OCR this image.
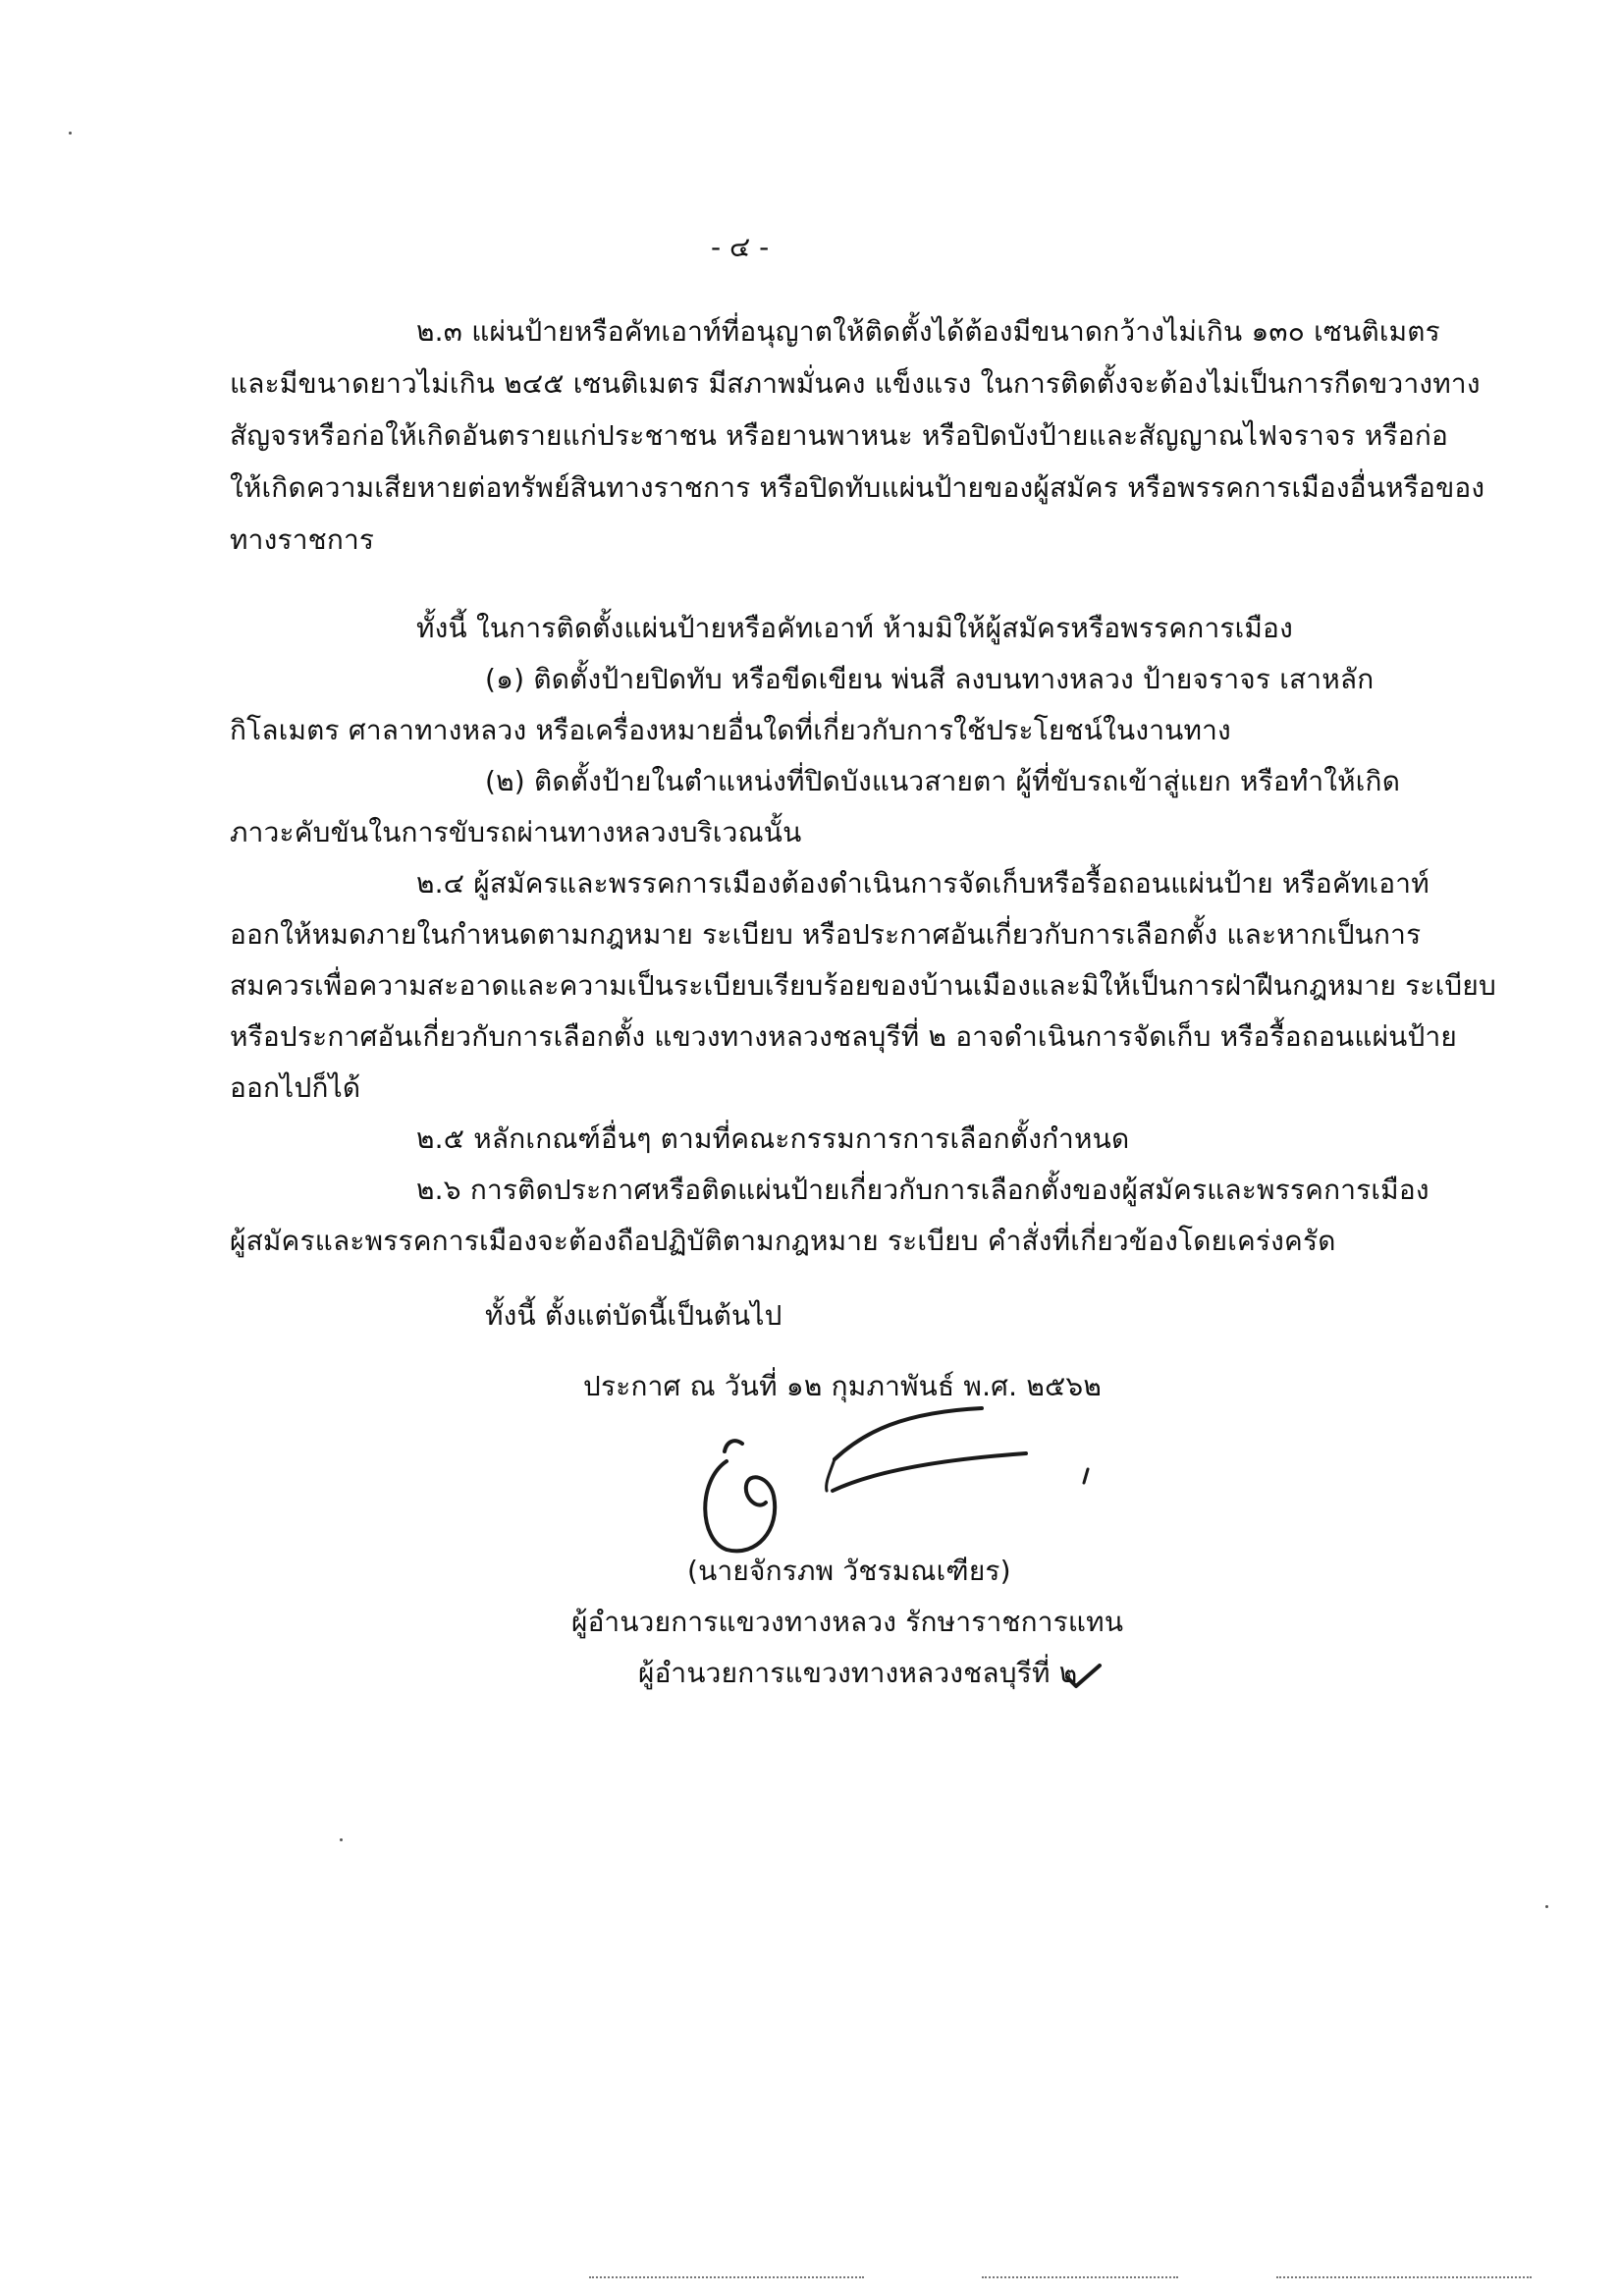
- ๔ -
๒.๓ แผ่นป้ายหรือคัทเอาท์ที่อนุญาตให้ติดตั้งได้ต้องมีขนาดกว้างไม่เกิน ๑๓๐ เซนติเมตร
และมีขนาดยาวไม่เกิน ๒๔๕ เซนติเมตร มีสภาพมั่นคง แข็งแรง ในการติดตั้งจะต้องไม่เป็นการกีดขวางทาง
สัญจรหรือก่อให้เกิดอันตรายแก่ประชาชน หรือยานพาหนะ หรือปิดบังป้ายและสัญญาณไฟจราจร หรือก่อ
ให้เกิดความเสียหายต่อทรัพย์สินทางราชการ หรือปิดทับแผ่นป้ายของผู้สมัคร หรือพรรคการเมืองอื่นหรือของ
ทางราชการ
ทั้งนี้ ในการติดตั้งแผ่นป้ายหรือคัทเอาท์ ห้ามมิให้ผู้สมัครหรือพรรคการเมือง
(๑) ติดตั้งป้ายปิดทับ หรือขีดเขียน พ่นสี ลงบนทางหลวง ป้ายจราจร เสาหลัก
กิโลเมตร ศาลาทางหลวง หรือเครื่องหมายอื่นใดที่เกี่ยวกับการใช้ประโยชน์ในงานทาง
(๒) ติดตั้งป้ายในตำแหน่งที่ปิดบังแนวสายตา ผู้ที่ขับรถเข้าสู่แยก หรือทำให้เกิด
ภาวะคับขันในการขับรถผ่านทางหลวงบริเวณนั้น
๒.๔ ผู้สมัครและพรรคการเมืองต้องดำเนินการจัดเก็บหรือรื้อถอนแผ่นป้าย หรือคัทเอาท์
ออกให้หมดภายในกำหนดตามกฎหมาย ระเบียบ หรือประกาศอันเกี่ยวกับการเลือกตั้ง และหากเป็นการ
สมควรเพื่อความสะอาดและความเป็นระเบียบเรียบร้อยของบ้านเมืองและมิให้เป็นการฝ่าฝืนกฎหมาย ระเบียบ
หรือประกาศอันเกี่ยวกับการเลือกตั้ง แขวงทางหลวงชลบุรีที่ ๒ อาจดำเนินการจัดเก็บ หรือรื้อถอนแผ่นป้าย
ออกไปก็ได้
๒.๕ หลักเกณฑ์อื่นๆ ตามที่คณะกรรมการการเลือกตั้งกำหนด
๒.๖ การติดประกาศหรือติดแผ่นป้ายเกี่ยวกับการเลือกตั้งของผู้สมัครและพรรคการเมือง
ผู้สมัครและพรรคการเมืองจะต้องถือปฏิบัติตามกฎหมาย ระเบียบ คำสั่งที่เกี่ยวข้องโดยเคร่งครัด
ทั้งนี้ ตั้งแต่บัดนี้เป็นต้นไป
ประกาศ ณ วันที่ ๑๒ กุมภาพันธ์ พ.ศ. ๒๕๖๒
(นายจักรภพ วัชรมณเฑียร)
ผู้อำนวยการแขวงทางหลวง รักษาราชการแทน
ผู้อำนวยการแขวงทางหลวงชลบุรีที่ ๒
